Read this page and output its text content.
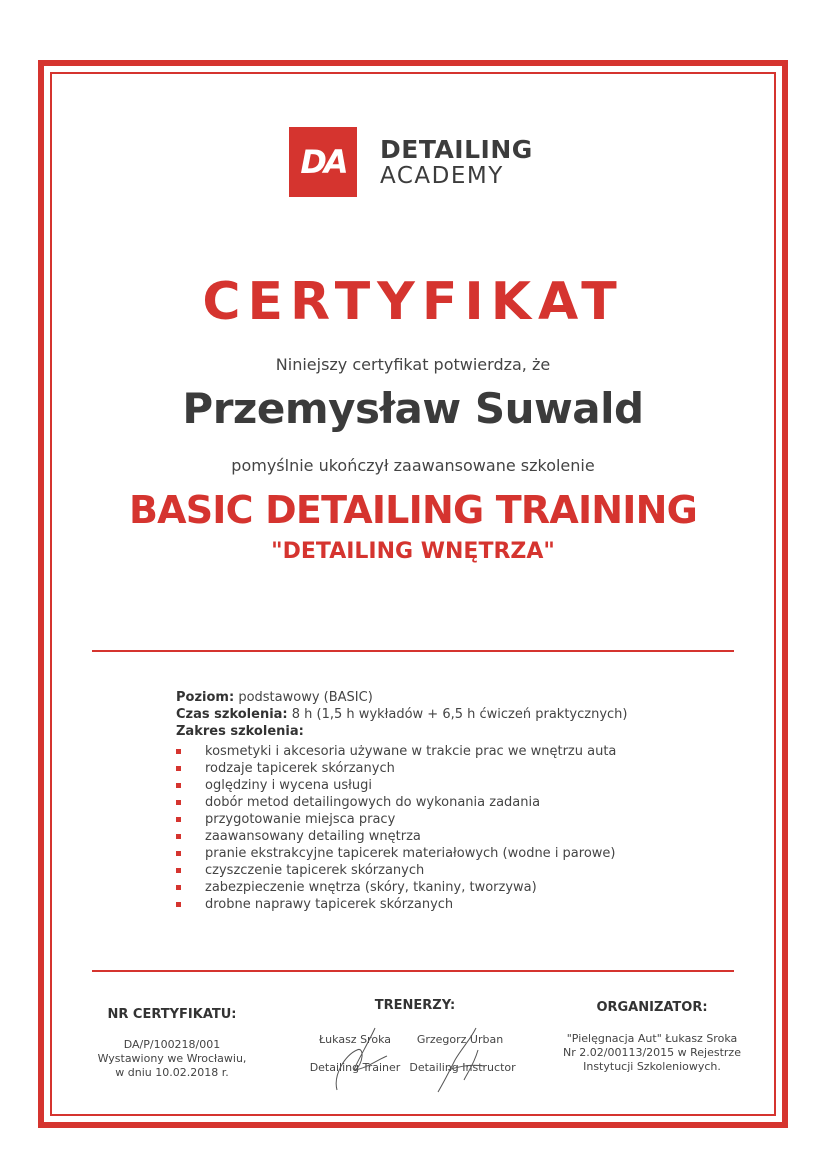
DA	DETAILING
ACADEMY
CERTYFIKAT
Niniejszy certyfikat potwierdza, że
Przemysław Suwald
pomyślnie ukończył zaawansowane szkolenie
BASIC DETAILING TRAINING
"DETAILING WNĘTRZA"
Poziom: podstawowy (BASIC)
Czas szkolenia: 8 h (1,5 h wykładów + 6,5 h ćwiczeń praktycznych)
Zakres szkolenia:
kosmetyki i akcesoria używane w trakcie prac we wnętrzu auta
rodzaje tapicerek skórzanych
oględziny i wycena usługi
dobór metod detailingowych do wykonania zadania
przygotowanie miejsca pracy
zaawansowany detailing wnętrza
pranie ekstrakcyjne tapicerek materiałowych (wodne i parowe)
czyszczenie tapicerek skórzanych
zabezpieczenie wnętrza (skóry, tkaniny, tworzywa)
drobne naprawy tapicerek skórzanych
NR CERTYFIKATU:
DA/P/100218/001
Wystawiony we Wrocławiu,
w dniu 10.02.2018 r.
TRENERZY:
Łukasz Sroka
Detailing Trainer
Grzegorz Urban
Detailing Instructor
ORGANIZATOR:
"Pielęgnacja Aut" Łukasz Sroka
Nr 2.02/00113/2015 w Rejestrze
Instytucji Szkoleniowych.
